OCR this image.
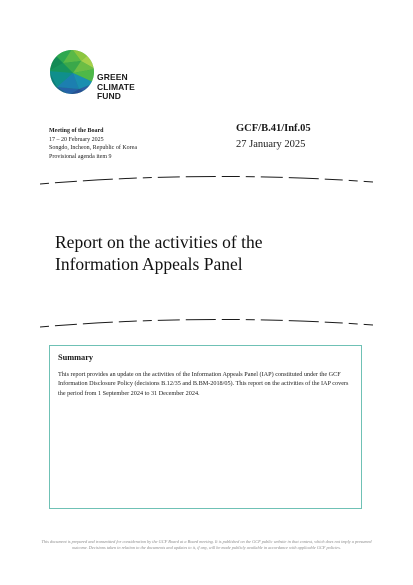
GREEN
CLIMATE
FUND
Meeting of the Board
17 – 20 February 2025
Songdo, Incheon, Republic of Korea
Provisional agenda item 9
GCF/B.41/Inf.05
27 January 2025
Report on the activities of the
Information Appeals Panel
Summary
This report provides an update on the activities of the Information Appeals Panel (IAP) constituted under the GCF Information Disclosure Policy (decisions B.12/35 and B.BM-2018/05). This report on the activities of the IAP covers the period from 1 September 2024 to 31 December 2024.
This document is prepared and transmitted for consideration by the GCF Board at a Board meeting. It is published on the GCF public website in that context, which does not imply a presumed outcome. Decisions taken in relation to the documents and updates to it, if any, will be made publicly available in accordance with applicable GCF policies.
